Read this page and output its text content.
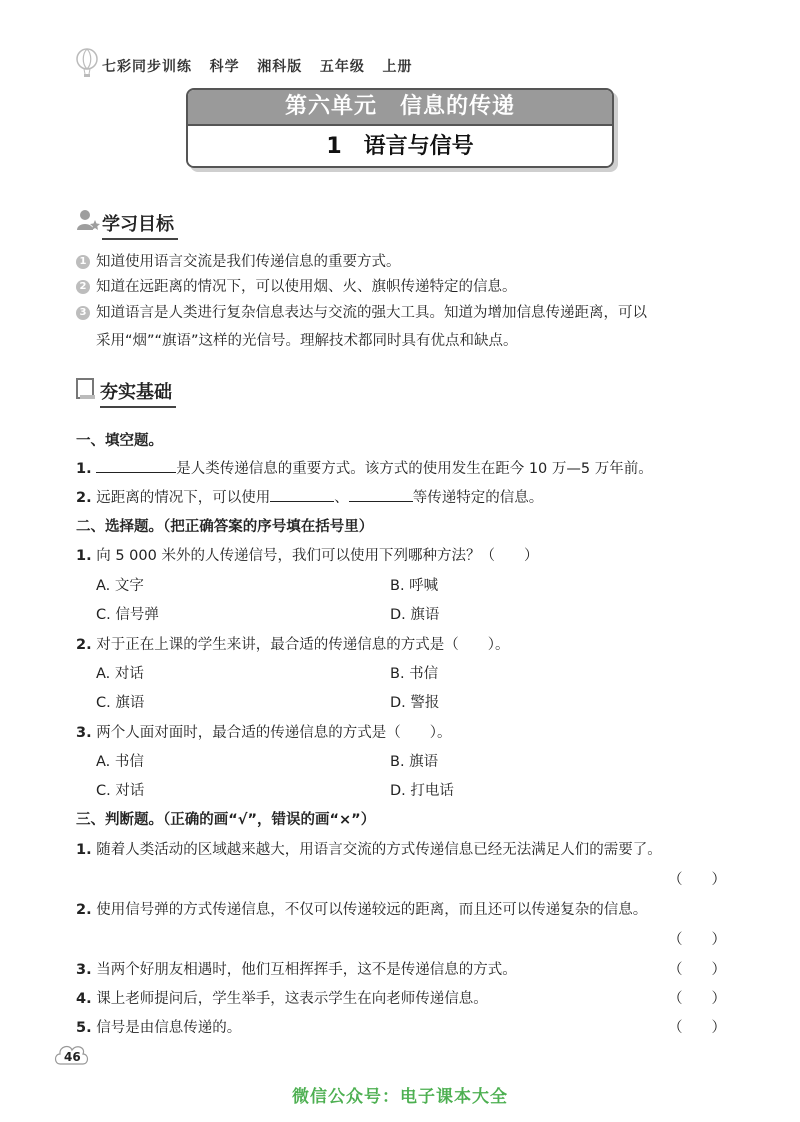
七彩同步训练 科学 湘科版 五年级 上册
第六单元　信息的传递
1　语言与信号
学习目标
1 知道使用语言交流是我们传递信息的重要方式。
2 知道在远距离的情况下，可以使用烟、火、旗帜传递特定的信息。
3 知道语言是人类进行复杂信息表达与交流的强大工具。知道为增加信息传递距离，可以
采用“烟”“旗语”这样的光信号。理解技术都同时具有优点和缺点。
夯实基础
一、填空题。
1.	是人类传递信息的重要方式。该方式的使用发生在距今 10 万—5 万年前。
2. 远距离的情况下，可以使用	、	等传递特定的信息。
二、选择题。（把正确答案的序号填在括号里）
1. 向 5 000 米外的人传递信号，我们可以使用下列哪种方法？（　　）
A. 文字	B. 呼喊
C. 信号弹	D. 旗语
2. 对于正在上课的学生来讲，最合适的传递信息的方式是（　　）。
A. 对话	B. 书信
C. 旗语	D. 警报
3. 两个人面对面时，最合适的传递信息的方式是（　　）。
A. 书信	B. 旗语
C. 对话	D. 打电话
三、判断题。（正确的画“√”，错误的画“×”）
1. 随着人类活动的区域越来越大，用语言交流的方式传递信息已经无法满足人们的需要了。
（　　）
2. 使用信号弹的方式传递信息，不仅可以传递较远的距离，而且还可以传递复杂的信息。
（　　）
3. 当两个好朋友相遇时，他们互相挥挥手，这不是传递信息的方式。	（　　）
4. 课上老师提问后，学生举手，这表示学生在向老师传递信息。	（　　）
5. 信号是由信息传递的。	（　　）
46
微信公众号：电子课本大全
